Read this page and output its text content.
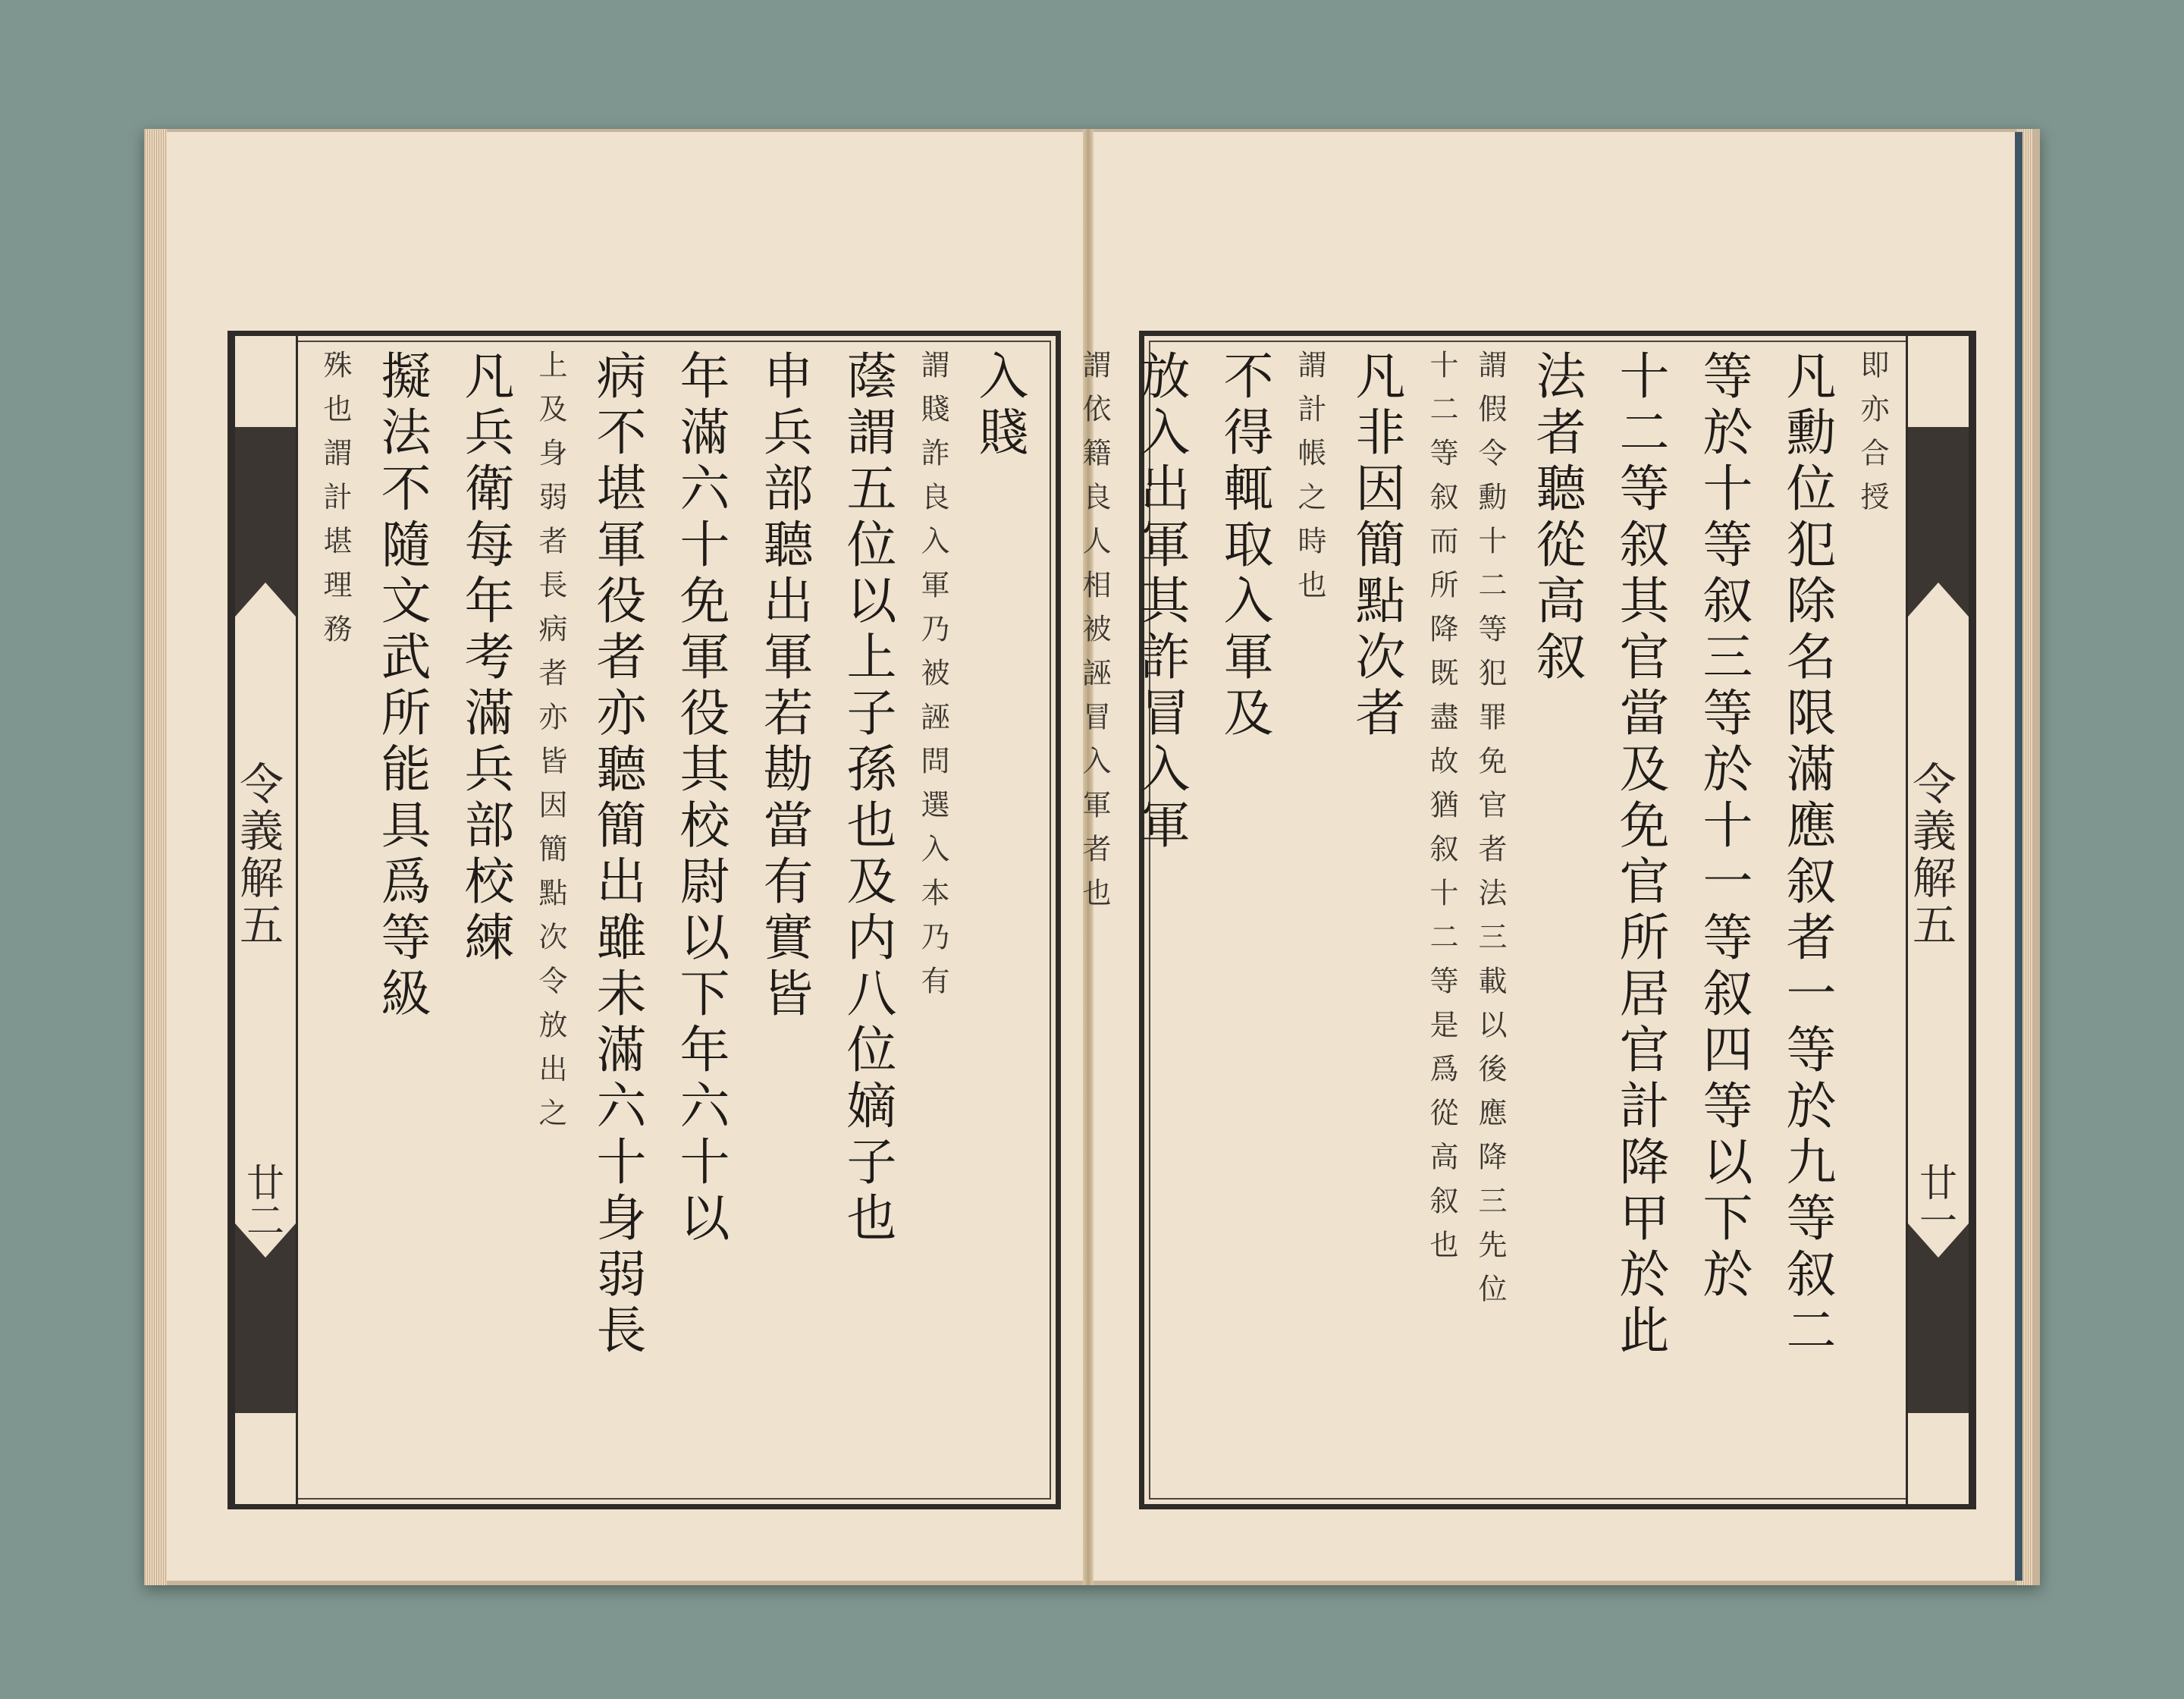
令義解五
廿二
入賤
謂賤詐良入軍乃被誣問選入本乃有
蔭謂五位以上子孫也及内八位嫡子也
申兵部聽出軍若勘當有實皆
年滿六十免軍役其校尉以下年六十以
病不堪軍役者亦聽簡出雖未滿六十身弱長
上及身弱者長病者亦皆因簡點次令放出之
凡兵衛每年考滿兵部校練
擬法不隨文武所能具爲等級
殊也謂計堪理務
令義解五
廿一
即亦合授
凡勳位犯除名限滿應叙者一等於九等叙二
等於十等叙三等於十一等叙四等以下於
十二等叙其官當及免官所居官計降甲於此
法者聽從高叙
謂假令勳十二等犯罪免官者法三載以後應降三先位
十二等叙而所降既盡故猶叙十二等是爲從高叙也
凡非因簡點次者
謂計帳之時也
不得輒取入軍及
放入出軍其詐冒入軍
謂依籍良人相被誣冒入軍者也
